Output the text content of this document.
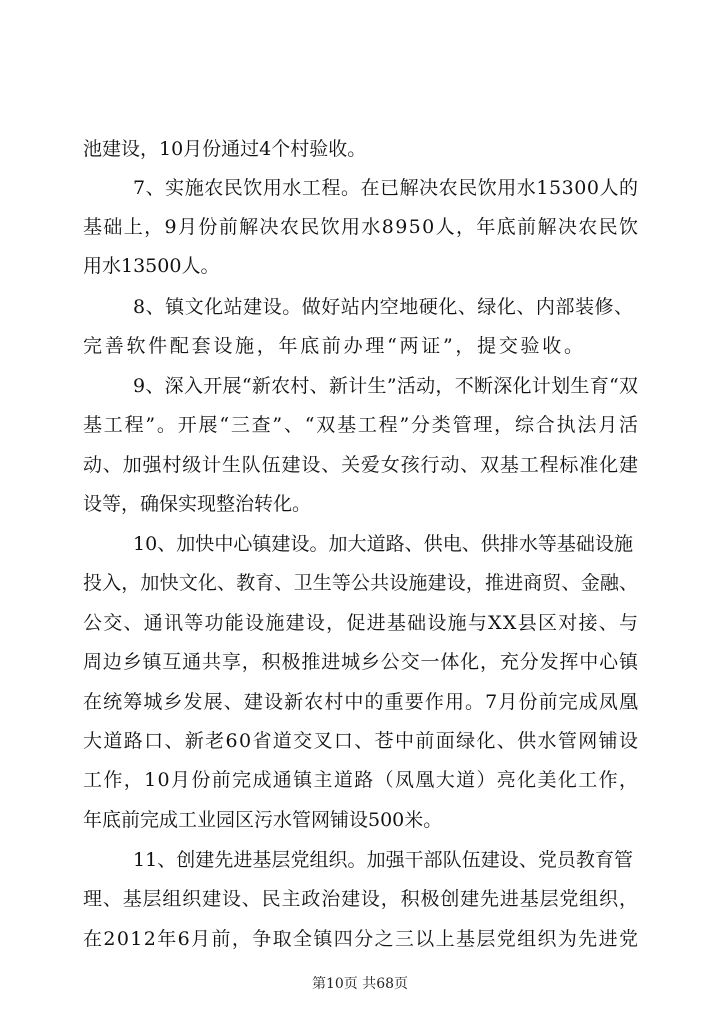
池建设，10月份通过4个村验收。
7、实施农民饮用水工程。在已解决农民饮用水15300人的
基础上，9月份前解决农民饮用水8950人，年底前解决农民饮
用水13500人。
8、镇文化站建设。做好站内空地硬化、绿化、内部装修、
完善软件配套设施，年底前办理“两证”，提交验收。
9、深入开展“新农村、新计生”活动，不断深化计划生育“双
基工程”。开展“三查”、“双基工程”分类管理，综合执法月活
动、加强村级计生队伍建设、关爱女孩行动、双基工程标准化建
设等，确保实现整治转化。
10、加快中心镇建设。加大道路、供电、供排水等基础设施
投入，加快文化、教育、卫生等公共设施建设，推进商贸、金融、
公交、通讯等功能设施建设，促进基础设施与XX县区对接、与
周边乡镇互通共享，积极推进城乡公交一体化，充分发挥中心镇
在统筹城乡发展、建设新农村中的重要作用。7月份前完成凤凰
大道路口、新老60省道交叉口、苍中前面绿化、供水管网铺设
工作，10月份前完成通镇主道路（凤凰大道）亮化美化工作，
年底前完成工业园区污水管网铺设500米。
11、创建先进基层党组织。加强干部队伍建设、党员教育管
理、基层组织建设、民主政治建设，积极创建先进基层党组织，
在2012年6月前，争取全镇四分之三以上基层党组织为先进党
第10页 共68页
